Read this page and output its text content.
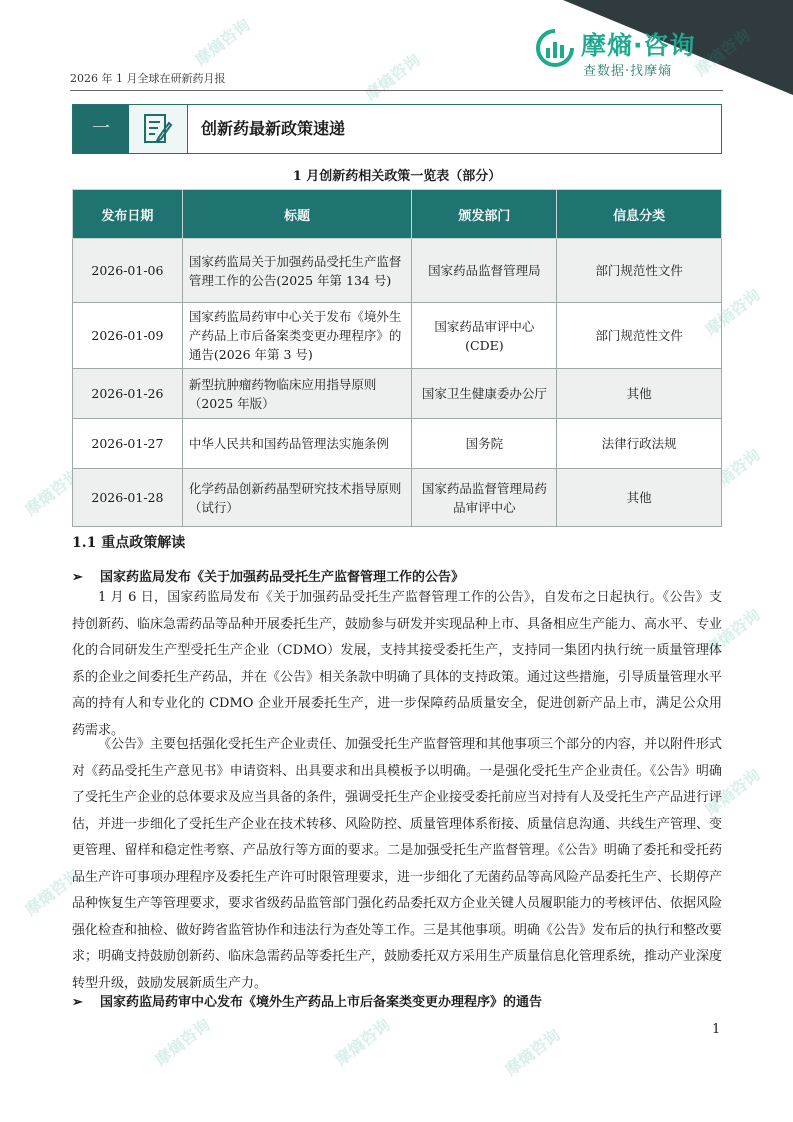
摩熵咨询
摩熵咨询	摩熵咨询
摩熵咨询
摩熵咨询
摩熵咨询
摩熵咨询
摩熵咨询
摩熵咨询
摩熵咨询	摩熵咨询	摩熵咨询
2026 年 1 月全球在研新药月报
摩熵·咨询
查数据·找摩熵
一	创新药最新政策速递
1 月创新药相关政策一览表（部分）
发布日期	标题	颁发部门	信息分类
2026-01-06	国家药监局关于加强药品受托生产监督管理工作的公告(2025 年第 134 号)	国家药品监督管理局	部门规范性文件
2026-01-09	国家药监局药审中心关于发布《境外生产药品上市后备案类变更办理程序》的通告(2026 年第 3 号)	国家药品审评中心(CDE)	部门规范性文件
2026-01-26	新型抗肿瘤药物临床应用指导原则（2025 年版）	国家卫生健康委办公厅	其他
2026-01-27	中华人民共和国药品管理法实施条例	国务院	法律行政法规
2026-01-28	化学药品创新药晶型研究技术指导原则（试行）	国家药品监督管理局药品审评中心	其他
1.1 重点政策解读
➢ 国家药监局发布《关于加强药品受托生产监督管理工作的公告》
1 月 6 日，国家药监局发布《关于加强药品受托生产监督管理工作的公告》，自发布之日起执行。《公告》支持创新药、临床急需药品等品种开展委托生产，鼓励参与研发并实现品种上市、具备相应生产能力、高水平、专业化的合同研发生产型受托生产企业（CDMO）发展，支持其接受委托生产，支持同一集团内执行统一质量管理体系的企业之间委托生产药品，并在《公告》相关条款中明确了具体的支持政策。通过这些措施，引导质量管理水平高的持有人和专业化的 CDMO 企业开展委托生产，进一步保障药品质量安全，促进创新产品上市，满足公众用药需求。
《公告》主要包括强化受托生产企业责任、加强受托生产监督管理和其他事项三个部分的内容，并以附件形式对《药品受托生产意见书》申请资料、出具要求和出具模板予以明确。一是强化受托生产企业责任。《公告》明确了受托生产企业的总体要求及应当具备的条件，强调受托生产企业接受委托前应当对持有人及受托生产产品进行评估，并进一步细化了受托生产企业在技术转移、风险防控、质量管理体系衔接、质量信息沟通、共线生产管理、变更管理、留样和稳定性考察、产品放行等方面的要求。二是加强受托生产监督管理。《公告》明确了委托和受托药品生产许可事项办理程序及委托生产许可时限管理要求，进一步细化了无菌药品等高风险产品委托生产、长期停产品种恢复生产等管理要求，要求省级药品监管部门强化药品委托双方企业关键人员履职能力的考核评估、依据风险强化检查和抽检、做好跨省监管协作和违法行为查处等工作。三是其他事项。明确《公告》发布后的执行和整改要求；明确支持鼓励创新药、临床急需药品等委托生产，鼓励委托双方采用生产质量信息化管理系统，推动产业深度转型升级，鼓励发展新质生产力。
➢ 国家药监局药审中心发布《境外生产药品上市后备案类变更办理程序》的通告
1
